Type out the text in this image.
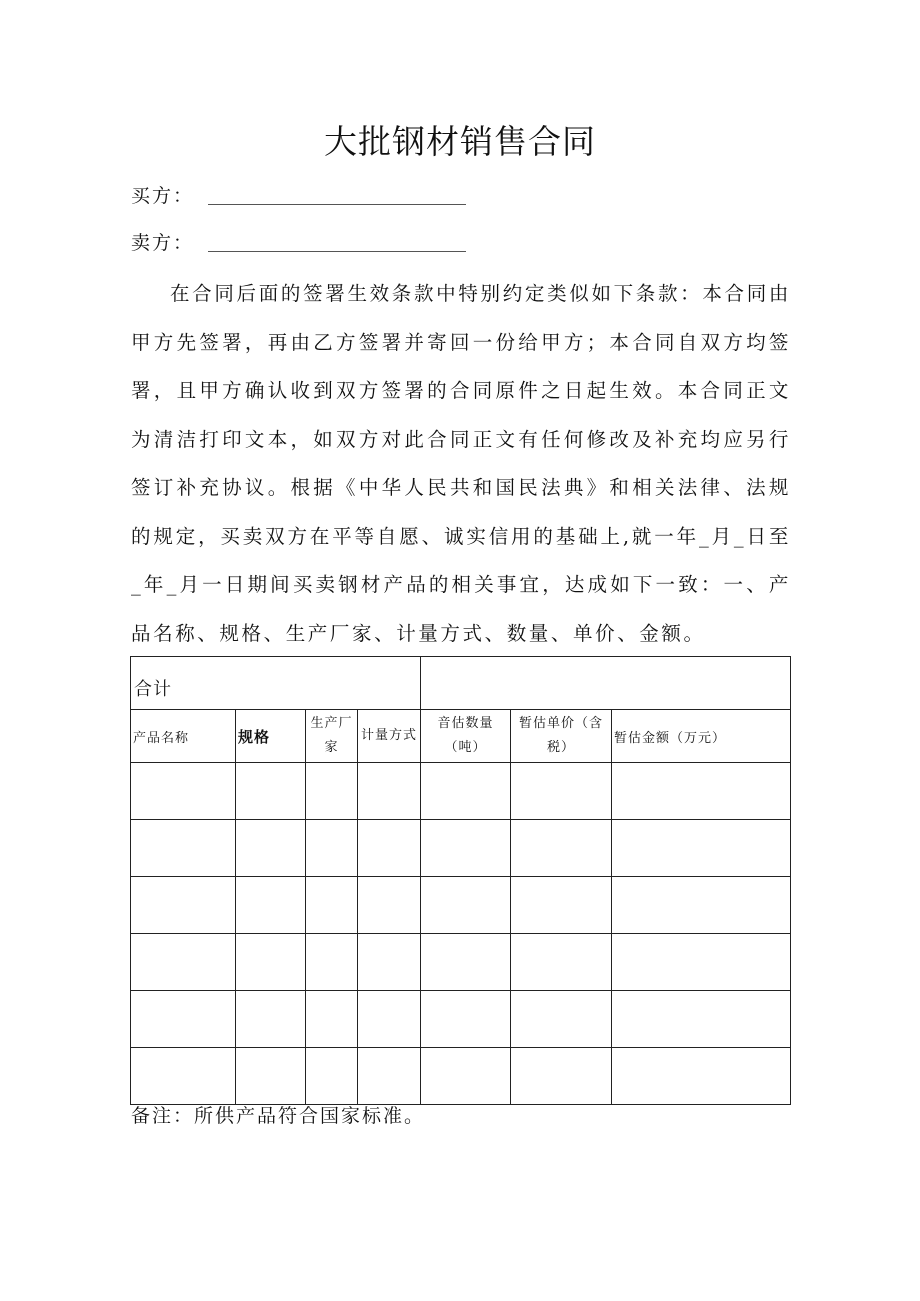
大批钢材销售合同
买方：
卖方：

在合同后面的签署生效条款中特别约定类似如下条款：本合同由甲方先签署，再由乙方签署并寄回一份给甲方；本合同自双方均签署，且甲方确认收到双方签署的合同原件之日起生效。本合同正文为清洁打印文本，如双方对此合同正文有任何修改及补充均应另行签订补充协议。根据《中华人民共和国民法典》和相关法律、法规的规定，买卖双方在平等自愿、诚实信用的基础上,就一年_月_日至_年_月一日期间买卖钢材产品的相关事宜，达成如下一致：一、产品名称、规格、生产厂家、计量方式、数量、单价、金额。

合计						
产品名称	规格	生产厂家	计量方式	音估数量（吨）	暂估单价（含税）	暂估金额（万元）

备注：所供产品符合国家标准。
